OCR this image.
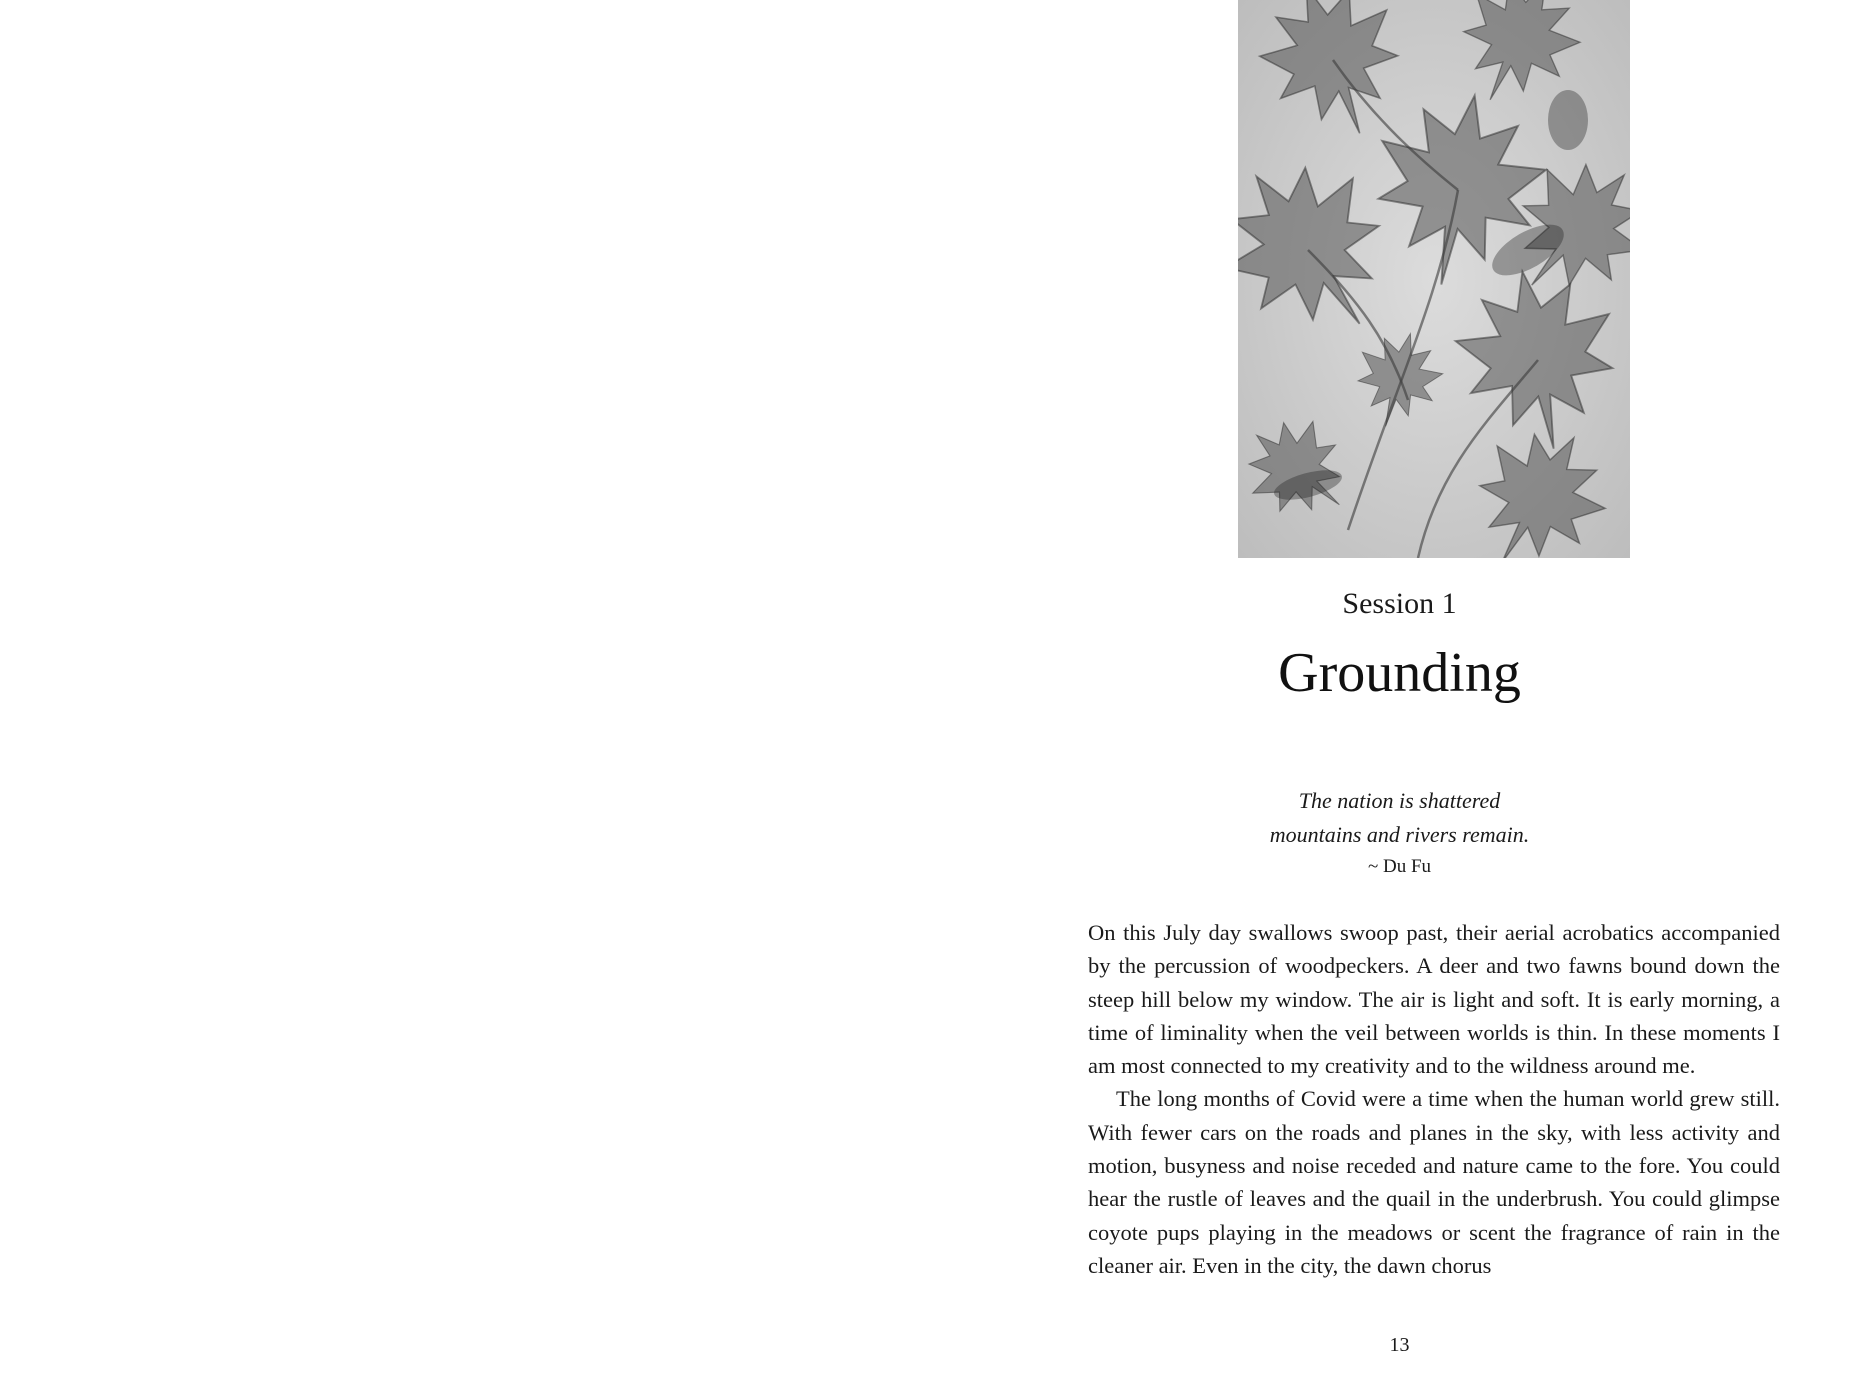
Session 1
Grounding
The nation is shattered
mountains and rivers remain.
~ Du Fu

On this July day swallows swoop past, their aerial acrobatics accompanied by the percussion of woodpeckers. A deer and two fawns bound down the steep hill below my window. The air is light and soft. It is early morning, a time of liminality when the veil between worlds is thin. In these moments I am most connected to my creativity and to the wildness around me.

The long months of Covid were a time when the human world grew still. With fewer cars on the roads and planes in the sky, with less activity and motion, busyness and noise receded and nature came to the fore. You could hear the rustle of leaves and the quail in the underbrush. You could glimpse coyote pups playing in the meadows or scent the fragrance of rain in the cleaner air. Even in the city, the dawn chorus

13
